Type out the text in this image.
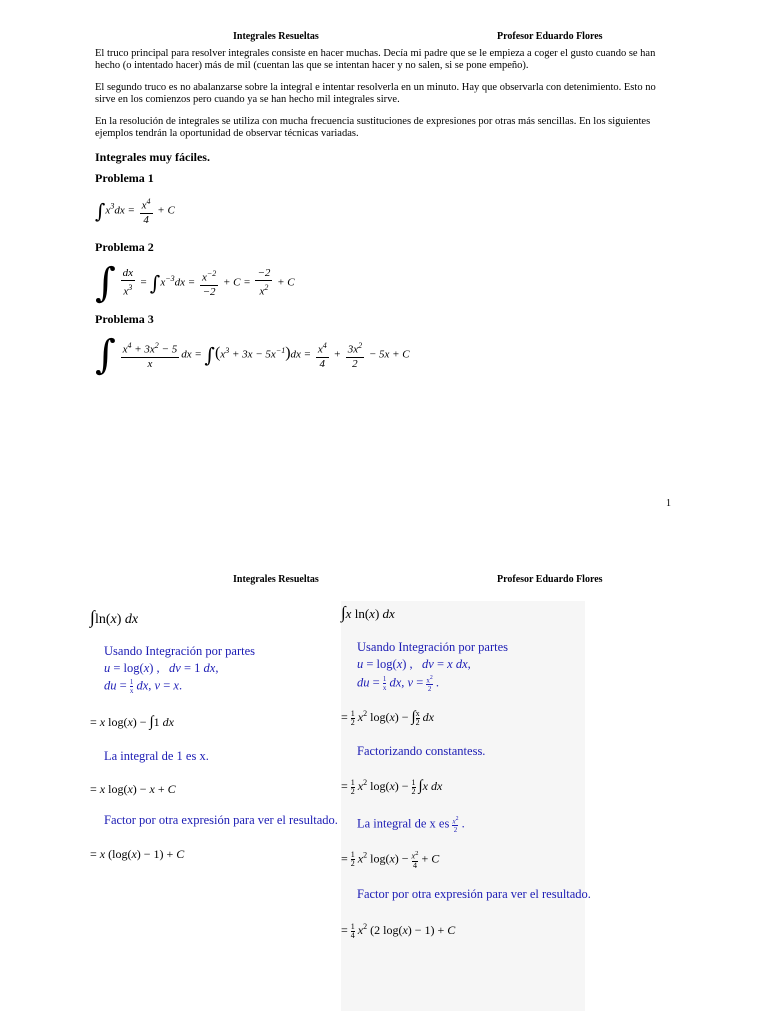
Integrales Resueltas	Profesor Eduardo Flores

El truco principal para resolver integrales consiste en hacer muchas. Decía mi padre que se le empieza a coger el gusto cuando se han hecho (o intentado hacer) más de mil (cuentan las que se intentan hacer y no salen, si se pone empeño).

El segundo truco es no abalanzarse sobre la integral e intentar resolverla en un minuto. Hay que observarla con detenimiento. Esto no sirve en los comienzos pero cuando ya se han hecho mil integrales sirve.

En la resolución de integrales se utiliza con mucha frecuencia sustituciones de expresiones por otras más sencillas. En los siguientes ejemplos tendrán la oportunidad de observar técnicas variadas.

Integrales muy fáciles.
Problema 1
$\int x^3dx = \frac{x^4}{4} + C$
Problema 2
∫ $\frac{dx}{x^3} = \int x^{-3}dx = \frac{x^{-2}}{-2} + C = \frac{-2}{x^2} + C$
Problema 3
∫ $\frac{x^4 + 3x^2 - 5}{x}$ dx = $\int(x^3 + 3x - 5x^{-1})dx = \frac{x^4}{4} + \frac{3x^2}{2} - 5x + C$
1
Integrales Resueltas	Profesor Eduardo Flores
∫ln(x) dx
Usando Integración por partes
u = log(x) ,   dv = 1 dx,
du = $\frac{1}{x}$ dx, v = x.
= x log(x) − ∫1 dx
La integral de 1 es x.
= x log(x) − x + C
Factor por otra expresión para ver el resultado.
= x (log(x) − 1) + C
∫x ln(x) dx
Usando Integración por partes
u = log(x) ,   dv = x dx,
du = $\frac{1}{x}$ dx, $v = \frac{x^2}{2}$ .
= $\frac{1}{2} x^2$ log(x) − ∫ $\frac{x}{2}$ dx
Factorizando constantess.
= $\frac{1}{2} x^2$ $\log(x) - \frac{1}{2} \int x$ dx
La integral de x es $\frac{x^2}{2}$ .
= $\frac{1}{2} x^2$ $\log(x) - \frac{x^2}{4} + C$
Factor por otra expresión para ver el resultado.
= $\frac{1}{4} x^2$ (2 log(x) − 1) + C
